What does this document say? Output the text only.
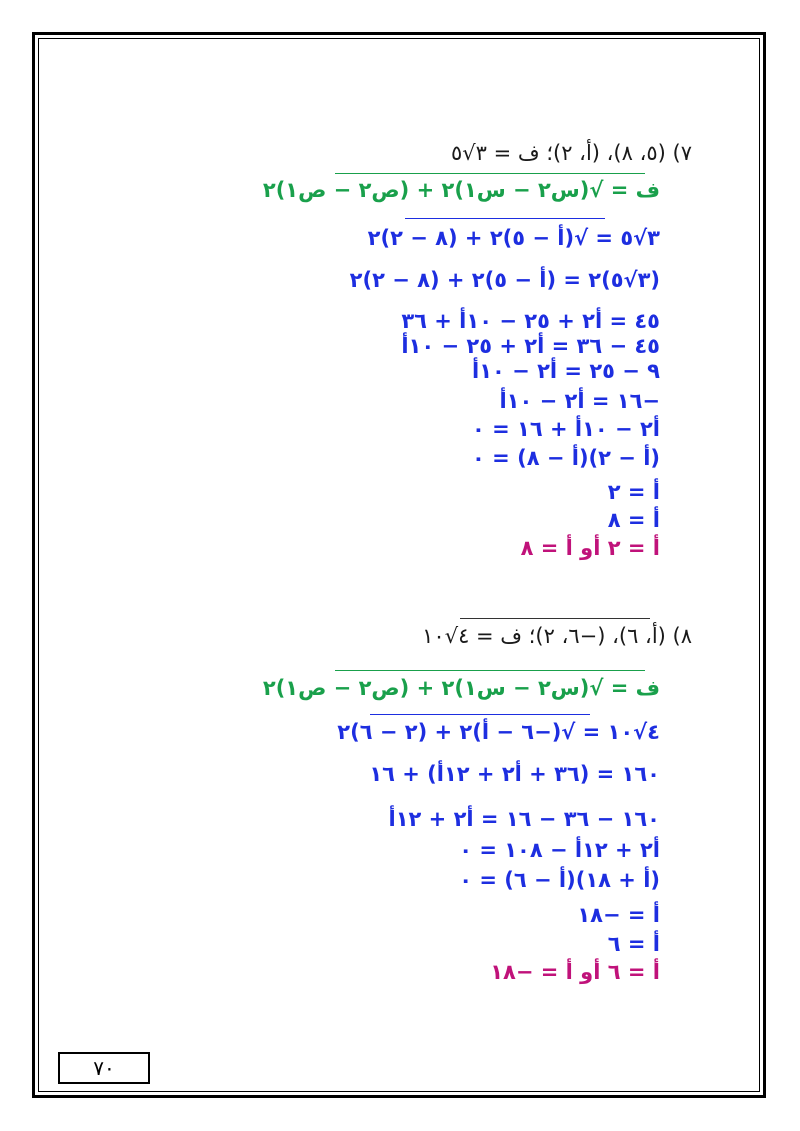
٧) (٥، ٨)، (أ، ٢)؛ ف = ٣√٥
ف = √(س٢ − س١)٢ + (ص٢ − ص١)٢
٣√٥ = √(أ − ٥)٢ + (٨ − ٢)٢
(٣√٥)٢ = (أ − ٥)٢ + (٨ − ٢)٢
٤٥ = أ٢ + ٢٥ − ١٠أ + ٣٦
٤٥ − ٣٦ = أ٢ + ٢٥ − ١٠أ
٩ − ٢٥ = أ٢ − ١٠أ
−١٦ = أ٢ − ١٠أ
أ٢ − ١٠أ + ١٦ = ٠
(أ − ٢)(أ − ٨) = ٠
أ = ٢
أ = ٨
أ = ٢ أو أ = ٨
٨) (أ، ٦)، (−٦، ٢)؛ ف = ٤√١٠
ف = √(س٢ − س١)٢ + (ص٢ − ص١)٢
٤√١٠ = √(−٦ − أ)٢ + (٢ − ٦)٢
١٦٠ = (٣٦ + أ٢ + ١٢أ) + ١٦
١٦٠ − ٣٦ − ١٦ = أ٢ + ١٢أ
أ٢ + ١٢أ − ١٠٨ = ٠
(أ + ١٨)(أ − ٦) = ٠
أ = −١٨
أ = ٦
أ = ٦ أو أ = −١٨
٧٠
